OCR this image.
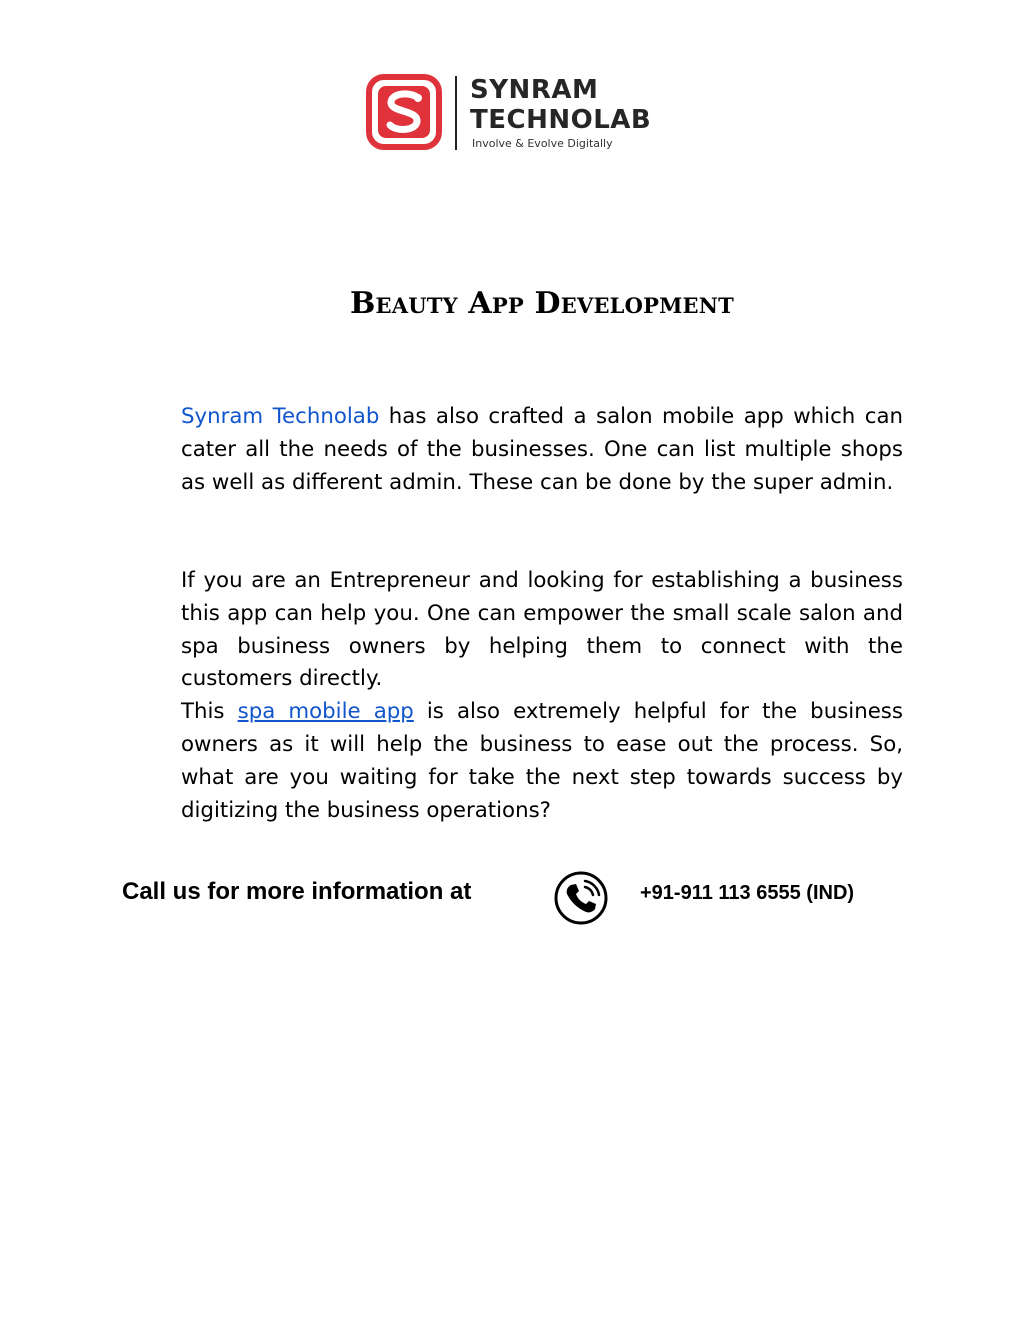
SYNRAM
TECHNOLAB
Involve & Evolve Digitally
Beauty App Development

Synram Technolab has also crafted a salon mobile app which can cater all the needs of the businesses. One can list multiple shops as well as different admin. These can be done by the super admin.

If you are an Entrepreneur and looking for establishing a business this app can help you. One can empower the small scale salon and spa business owners by helping them to connect with the customers directly.
This spa mobile app is also extremely helpful for the business owners as it will help the business to ease out the process. So, what are you waiting for take the next step towards success by digitizing the business operations?

Call us for more information at	+91-911 113 6555 (IND)
